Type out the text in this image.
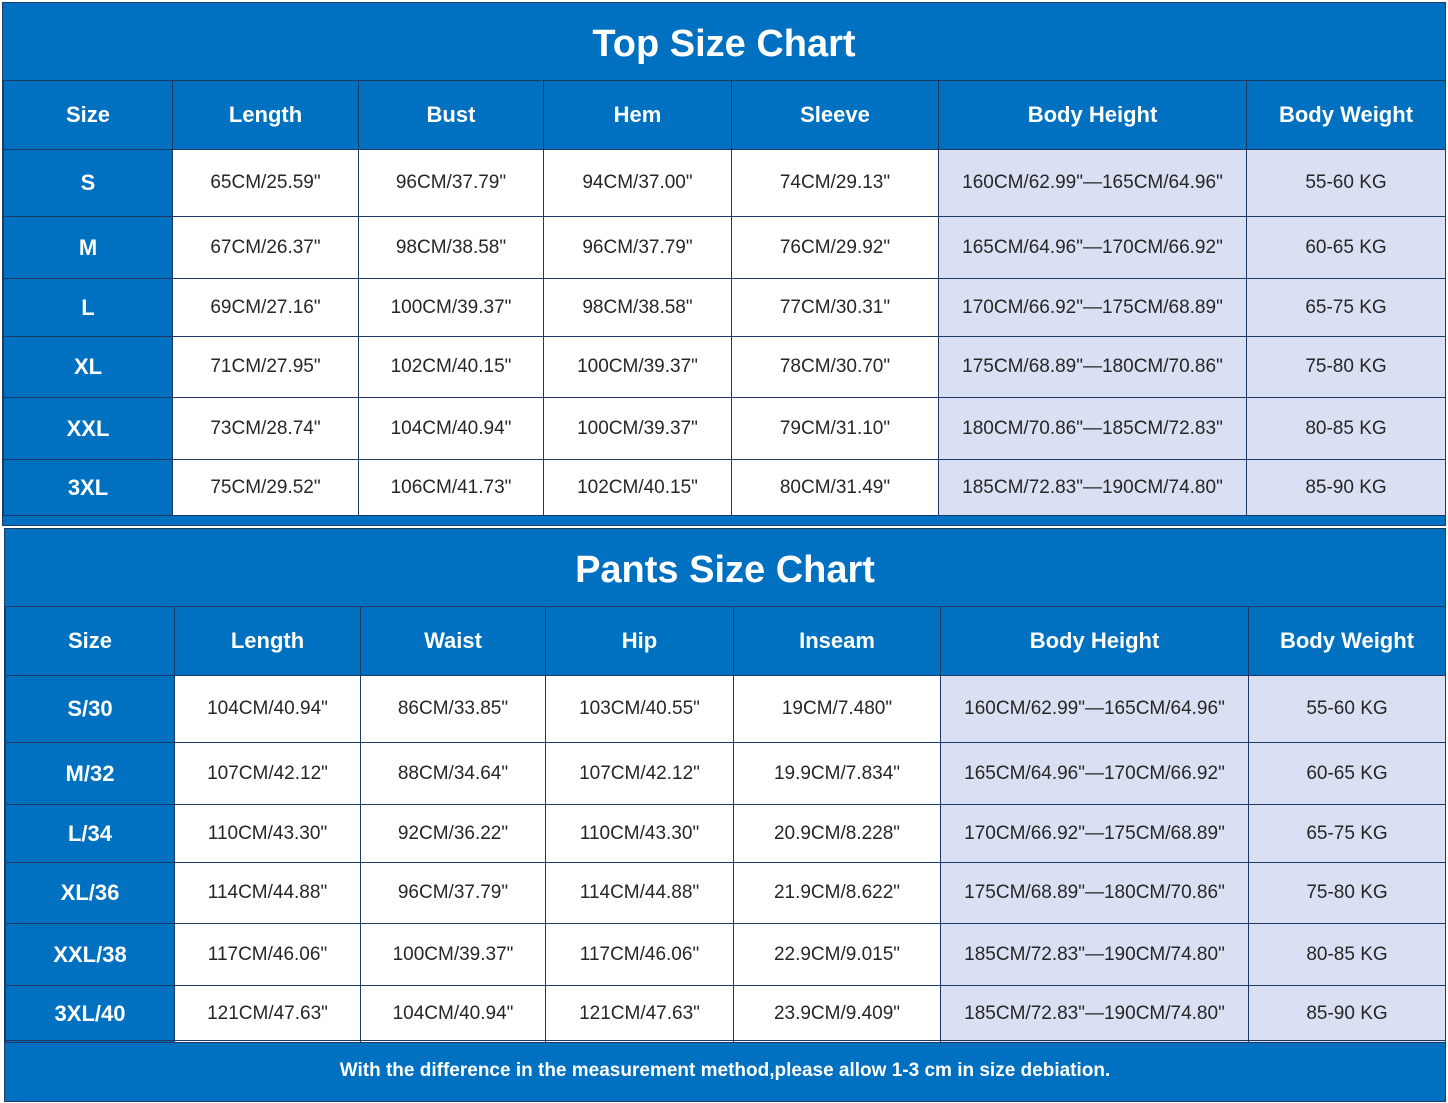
Top Size Chart
Size	Length	Bust	Hem	Sleeve	Body Height	Body Weight
S	65CM/25.59"	96CM/37.79"	94CM/37.00"	74CM/29.13"	160CM/62.99"—165CM/64.96"	55-60 KG
M	67CM/26.37"	98CM/38.58"	96CM/37.79"	76CM/29.92"	165CM/64.96"—170CM/66.92"	60-65 KG
L	69CM/27.16"	100CM/39.37"	98CM/38.58"	77CM/30.31"	170CM/66.92"—175CM/68.89"	65-75 KG
XL	71CM/27.95"	102CM/40.15"	100CM/39.37"	78CM/30.70"	175CM/68.89"—180CM/70.86"	75-80 KG
XXL	73CM/28.74"	104CM/40.94"	100CM/39.37"	79CM/31.10"	180CM/70.86"—185CM/72.83"	80-85 KG
3XL	75CM/29.52"	106CM/41.73"	102CM/40.15"	80CM/31.49"	185CM/72.83"—190CM/74.80"	85-90 KG
Pants Size Chart
Size	Length	Waist	Hip	Inseam	Body Height	Body Weight
S/30	104CM/40.94"	86CM/33.85"	103CM/40.55"	19CM/7.480"	160CM/62.99"—165CM/64.96"	55-60 KG
M/32	107CM/42.12"	88CM/34.64"	107CM/42.12"	19.9CM/7.834"	165CM/64.96"—170CM/66.92"	60-65 KG
L/34	110CM/43.30"	92CM/36.22"	110CM/43.30"	20.9CM/8.228"	170CM/66.92"—175CM/68.89"	65-75 KG
XL/36	114CM/44.88"	96CM/37.79"	114CM/44.88"	21.9CM/8.622"	175CM/68.89"—180CM/70.86"	75-80 KG
XXL/38	117CM/46.06"	100CM/39.37"	117CM/46.06"	22.9CM/9.015"	185CM/72.83"—190CM/74.80"	80-85 KG
3XL/40	121CM/47.63"	104CM/40.94"	121CM/47.63"	23.9CM/9.409"	185CM/72.83"—190CM/74.80"	85-90 KG
With the difference in the measurement method,please allow 1-3 cm in size debiation.
